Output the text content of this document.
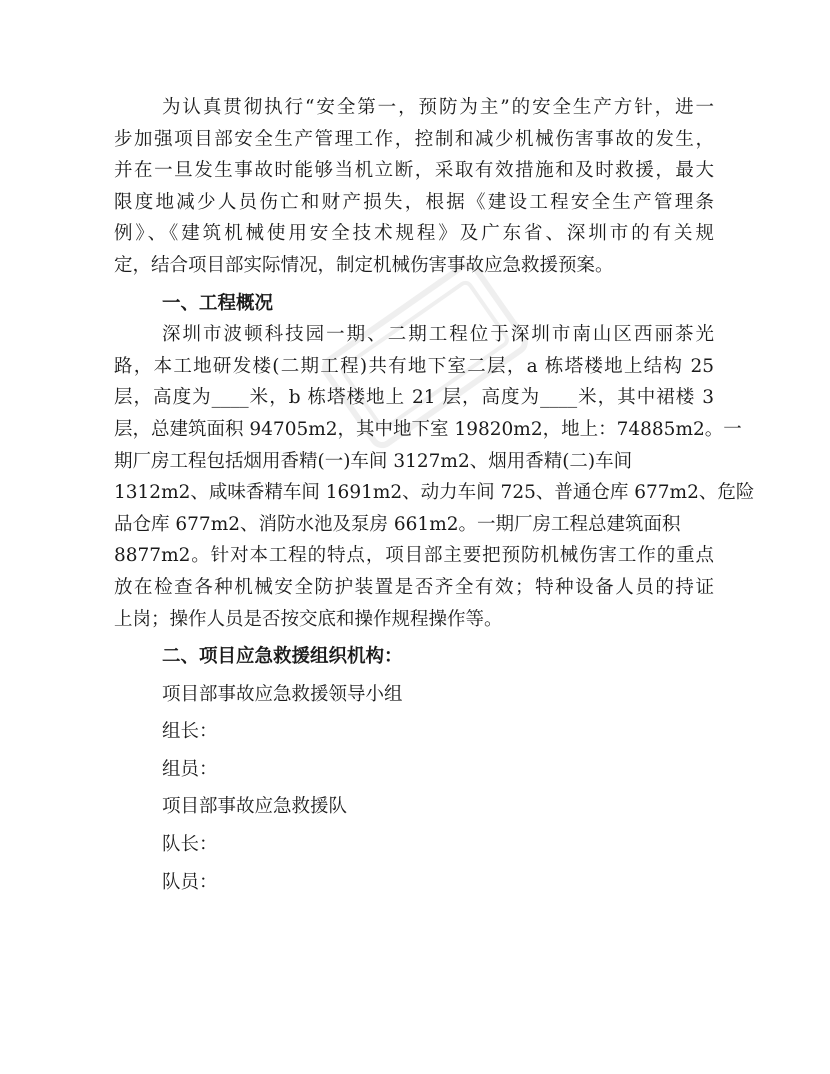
为认真贯彻执行“安全第一，预防为主”的安全生产方针，进一
步加强项目部安全生产管理工作，控制和减少机械伤害事故的发生，
并在一旦发生事故时能够当机立断，采取有效措施和及时救援，最大
限度地减少人员伤亡和财产损失，根据《建设工程安全生产管理条
例》、《建筑机械使用安全技术规程》及广东省、深圳市的有关规
定，结合项目部实际情况，制定机械伤害事故应急救援预案。
一、工程概况
深圳市波顿科技园一期、二期工程位于深圳市南山区西丽茶光
路，本工地研发楼(二期工程)共有地下室二层，a 栋塔楼地上结构 25
层，高度为____米，b 栋塔楼地上 21 层，高度为____米，其中裙楼 3
层，总建筑面积 94705m2，其中地下室 19820m2，地上：74885m2。一
期厂房工程包括烟用香精(一)车间 3127m2、烟用香精(二)车间
1312m2、咸味香精车间 1691m2、动力车间 725、普通仓库 677m2、危险
品仓库 677m2、消防水池及泵房 661m2。一期厂房工程总建筑面积
8877m2。针对本工程的特点，项目部主要把预防机械伤害工作的重点
放在检查各种机械安全防护装置是否齐全有效；特种设备人员的持证
上岗；操作人员是否按交底和操作规程操作等。
二、项目应急救援组织机构：
项目部事故应急救援领导小组
组长：
组员：
项目部事故应急救援队
队长：
队员：
